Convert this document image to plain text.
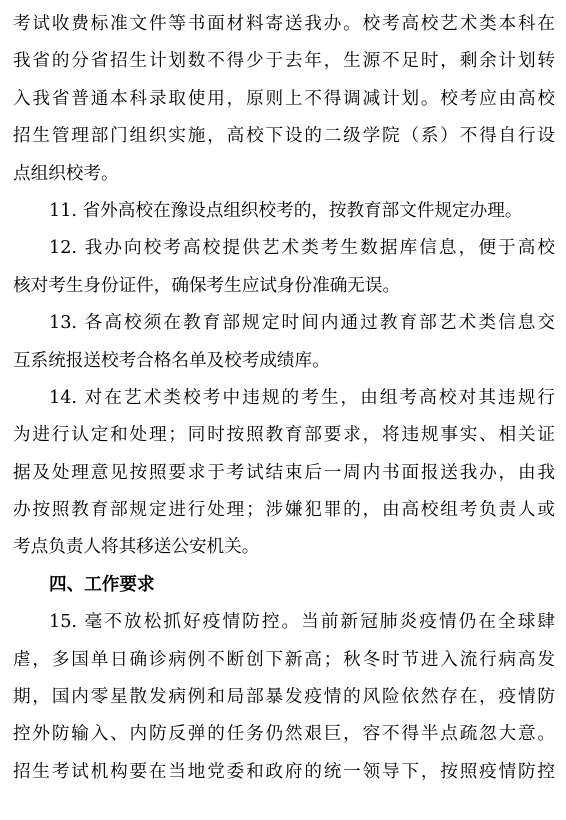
考试收费标准文件等书面材料寄送我办。校考高校艺术类本科在
我省的分省招生计划数不得少于去年，生源不足时，剩余计划转
入我省普通本科录取使用，原则上不得调减计划。校考应由高校
招生管理部门组织实施，高校下设的二级学院（系）不得自行设
点组织校考。
11. 省外高校在豫设点组织校考的，按教育部文件规定办理。
12. 我办向校考高校提供艺术类考生数据库信息，便于高校
核对考生身份证件，确保考生应试身份准确无误。
13. 各高校须在教育部规定时间内通过教育部艺术类信息交
互系统报送校考合格名单及校考成绩库。
14. 对在艺术类校考中违规的考生，由组考高校对其违规行
为进行认定和处理；同时按照教育部要求，将违规事实、相关证
据及处理意见按照要求于考试结束后一周内书面报送我办，由我
办按照教育部规定进行处理；涉嫌犯罪的，由高校组考负责人或
考点负责人将其移送公安机关。
四、工作要求
15. 毫不放松抓好疫情防控。当前新冠肺炎疫情仍在全球肆
虐，多国单日确诊病例不断创下新高；秋冬时节进入流行病高发
期，国内零星散发病例和局部暴发疫情的风险依然存在，疫情防
控外防输入、内防反弹的任务仍然艰巨，容不得半点疏忽大意。
招生考试机构要在当地党委和政府的统一领导下，按照疫情防控
